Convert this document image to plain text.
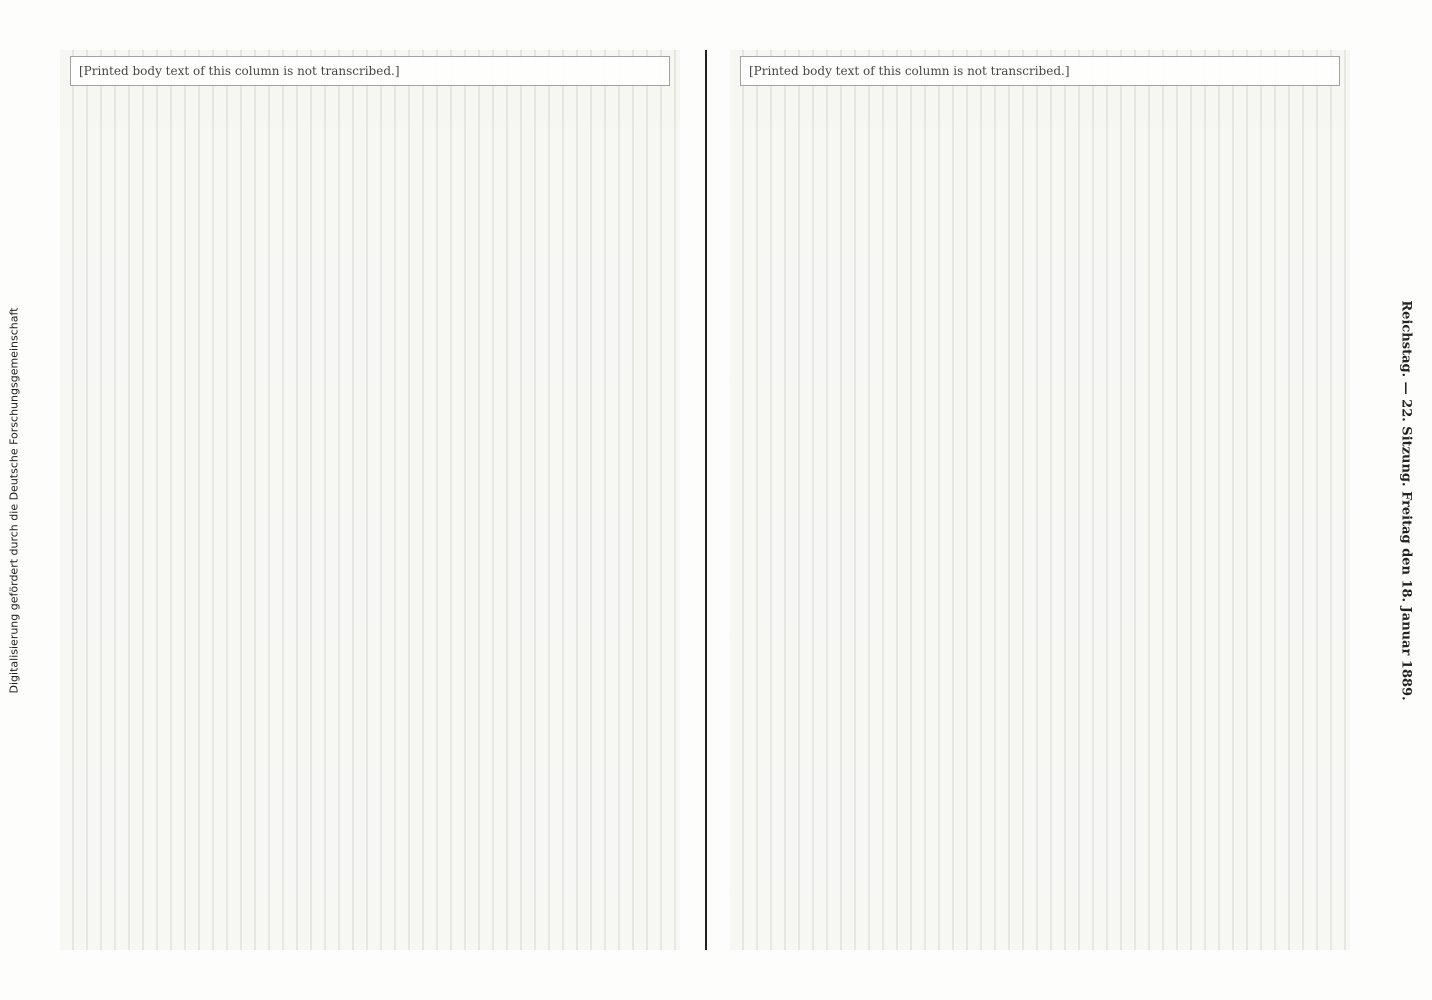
Digitalisierung gefördert durch die Deutsche Forschungsgemeinschaft
[Printed body text of this column is not transcribed.]	[Printed body text of this column is not transcribed.]
Reichstag. — 22. Sitzung. Freitag den 18. Januar 1889.
